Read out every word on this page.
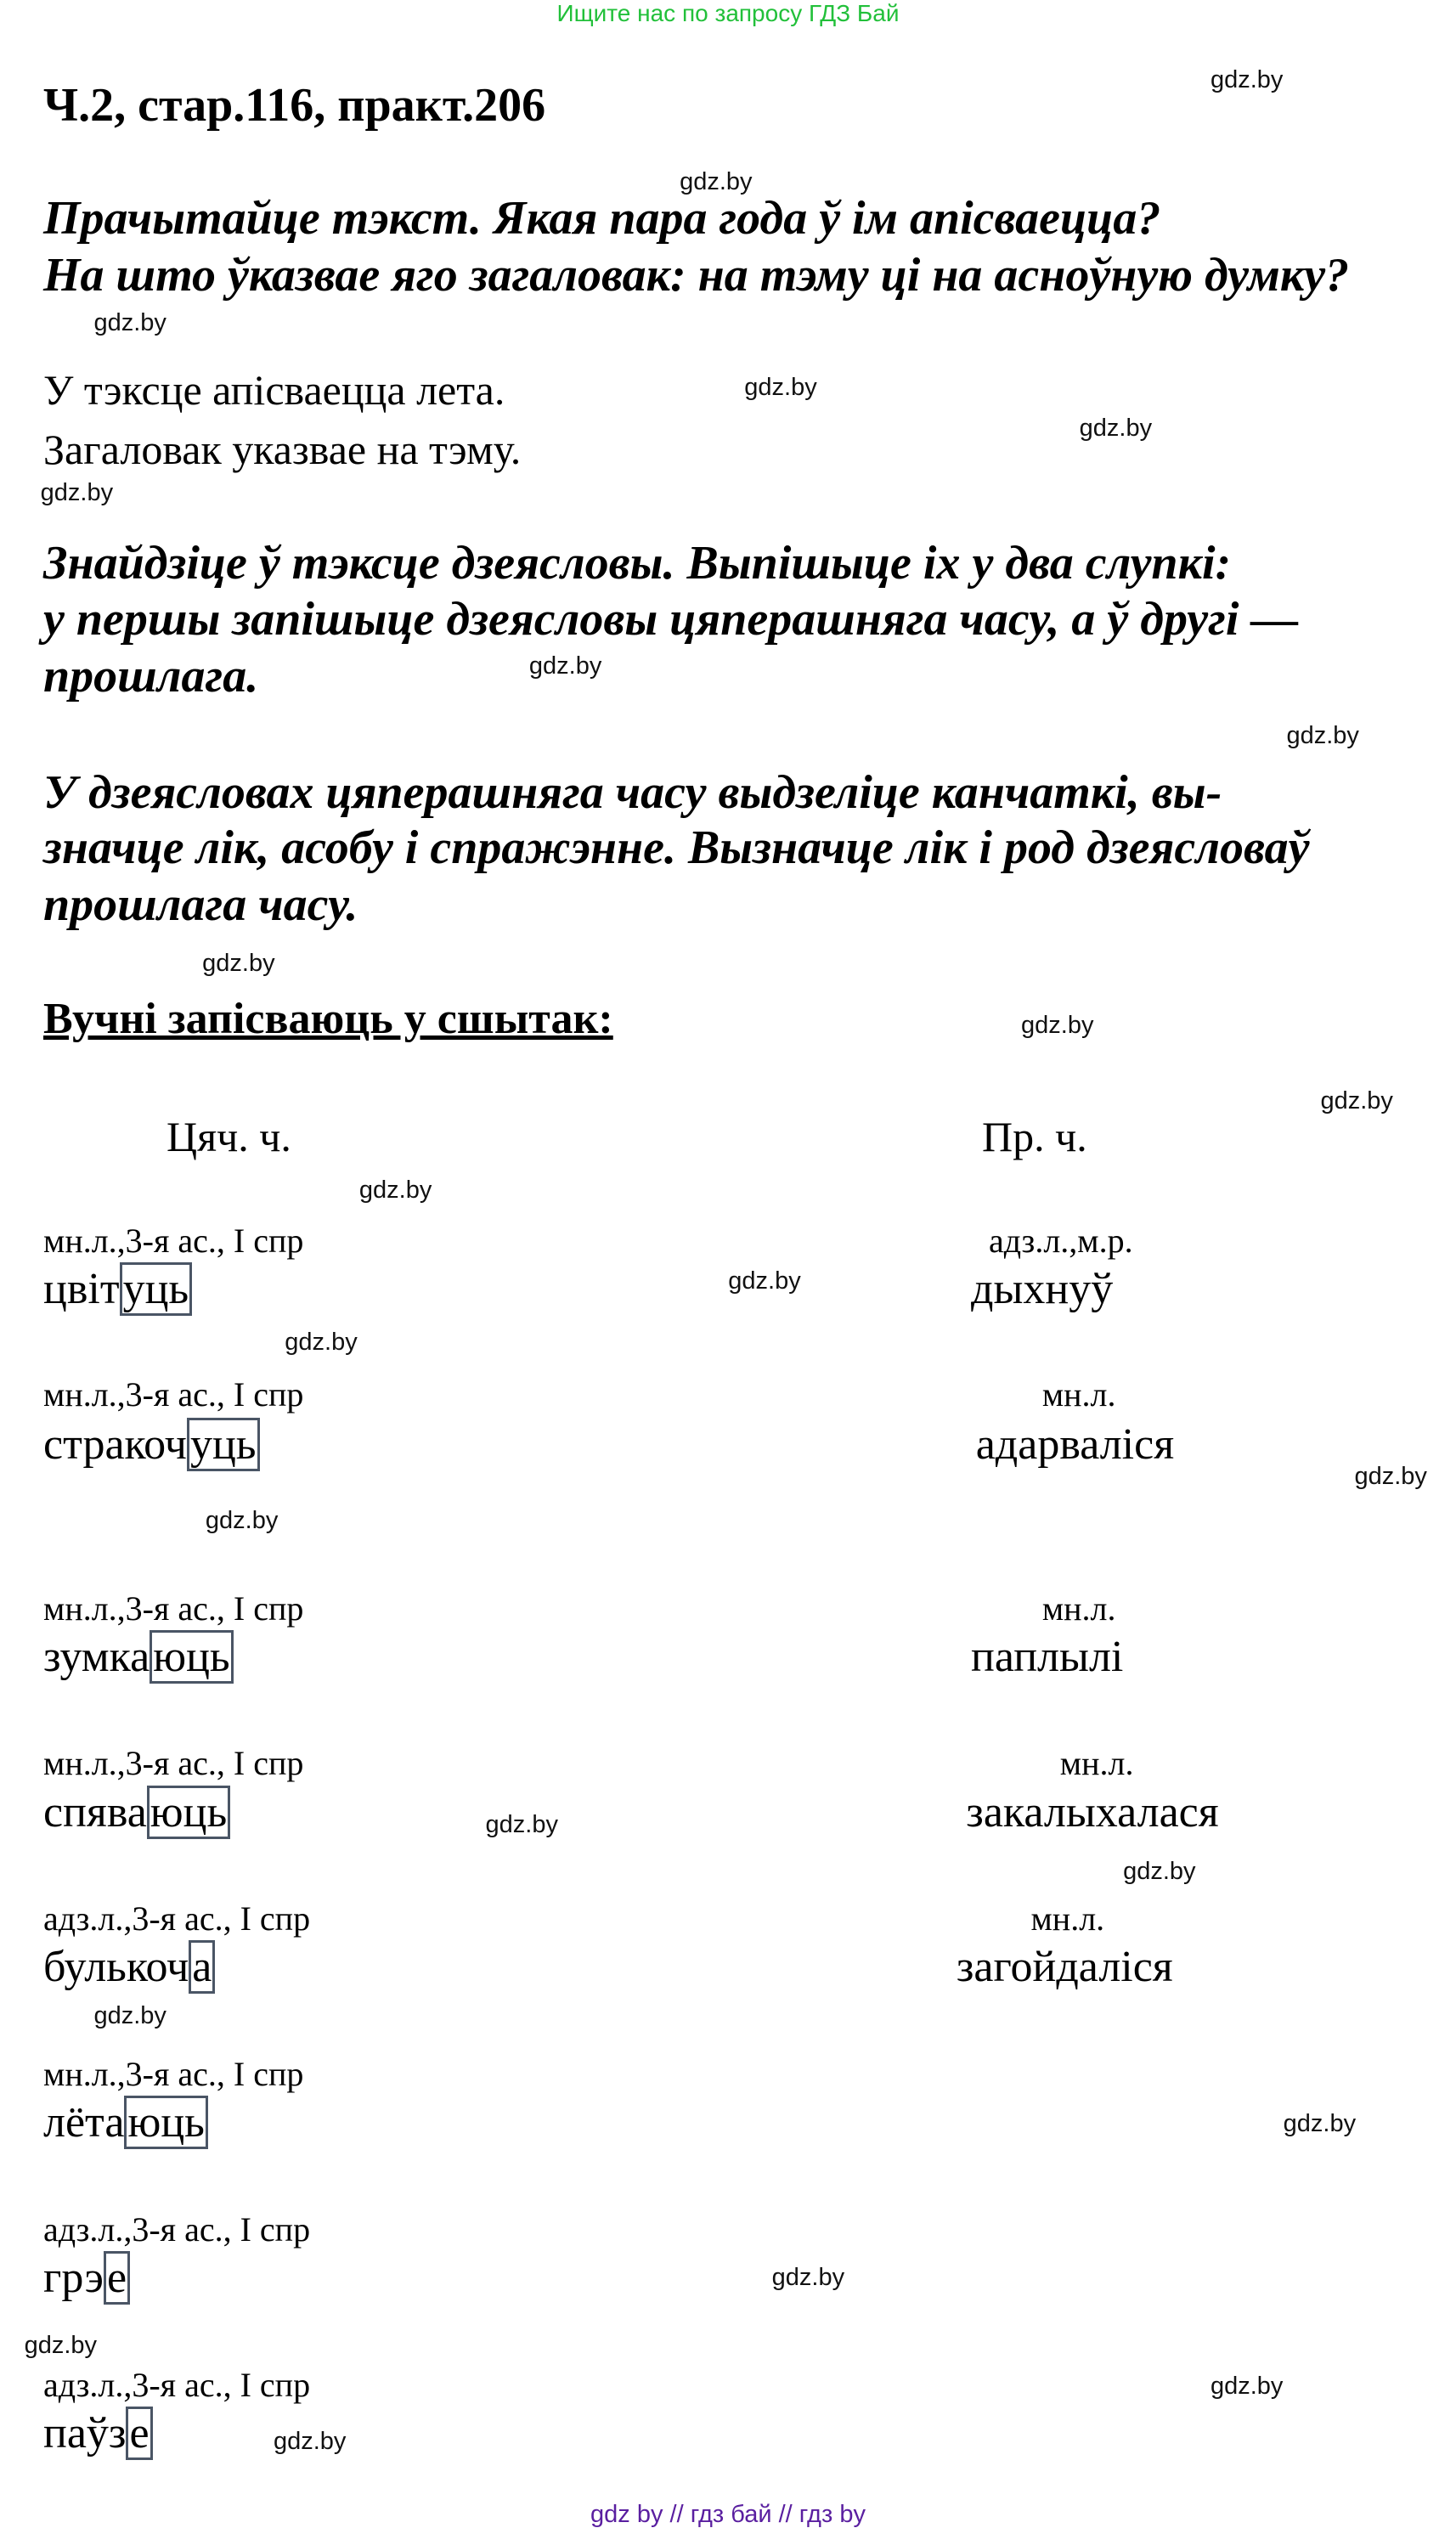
Ищите нас по запросу ГДЗ Бай
Ч.2, стар.116, практ.206
Прачытайце тэкст. Якая пара года ў ім апісваецца?
На што ўказвае яго загаловак: на тэму ці на асноўную думку?
У тэксце апісваецца лета.
Загаловак указвае на тэму.
Знайдзіце ў тэксце дзеясловы. Выпішыце іх у два слупкі:
у першы запішыце дзеясловы цяперашняга часу, а ў другі —
прошлага.
У дзеясловах цяперашняга часу выдзеліце канчаткі, вы-
значце лік, асобу і спражэнне. Вызначце лік і род дзеясловаў
прошлага часу.
Вучні запісваюць у сшытак:
Цяч. ч.	Пр. ч.
мн.л.,3-я ас., I спр
цвітуць
мн.л.,3-я ас., I спр
стракочуць
мн.л.,3-я ас., I спр
зумкаюць
мн.л.,3-я ас., I спр
спяваюць
адз.л.,3-я ас., I спр
булькоча
мн.л.,3-я ас., I спр
лётаюць
адз.л.,3-я ас., I спр
грэе
адз.л.,3-я ас., I спр
паўзе
адз.л.,м.р.
дыхнуў
мн.л.
адарваліся
мн.л.
паплылі
мн.л.
закалыхалася
мн.л.
загойдаліся
gdz.by
gdz.by
gdz.by
gdz.by
gdz.by
gdz.by
gdz.by
gdz.by
gdz.by
gdz.by
gdz.by
gdz.by
gdz.by
gdz.by
gdz.by
gdz.by
gdz.by
gdz.by
gdz.by
gdz.by
gdz.by
gdz.by
gdz.by
gdz.by
gdz by // гдз бай // гдз by
